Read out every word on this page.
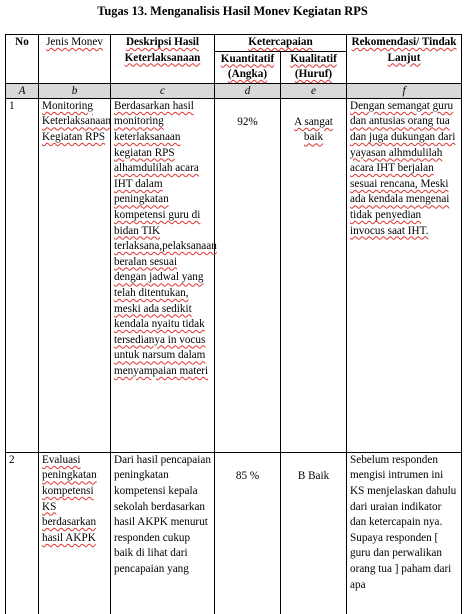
Tugas 13. Menganalisis Hasil Monev Kegiatan RPS
No	Jenis Monev	Deskripsi Hasil Keterlaksanaan	Ketercapaian		Rekomendasi/ Tindak Lanjut
			Kuantitatif (Angka)	Kualitatif (Huruf)	
A	b	c	d	e	f
1	Monitoring Keterlaksanaan Kegiatan RPS	Berdasarkan hasil monitoring keterlaksanaan kegiatan RPS alhamdulilah acara IHT dalam peningkatan kompetensi guru di bidan TIK terlaksana,pelaksanaan beralan sesuai dengan jadwal yang telah ditentukan, meski ada sedikit kendala nyaitu tidak tersedianya in vocus untuk narsum dalam menyampaian materi	92%	A sangat baik	Dengan semangat guru dan antusias orang tua dan juga dukungan dari yayasan alhmdulilah acara IHT berjalan sesuai rencana, Meski ada kendala mengenai tidak penyedian invocus saat IHT.

2	Evaluasi peningkatan kompetensi KS berdasarkan hasil AKPK	Dari hasil pencapaian peningkatan kompetensi kepala sekolah berdasarkan hasil AKPK menurut responden cukup baik di lihat dari pencapaian yang	85 %	B Baik	Sebelum responden mengisi intrumen ini KS menjelaskan dahulu dari uraian indikator dan ketercapain nya. Supaya responden [ guru dan perwalikan orang tua ] paham dari apa
